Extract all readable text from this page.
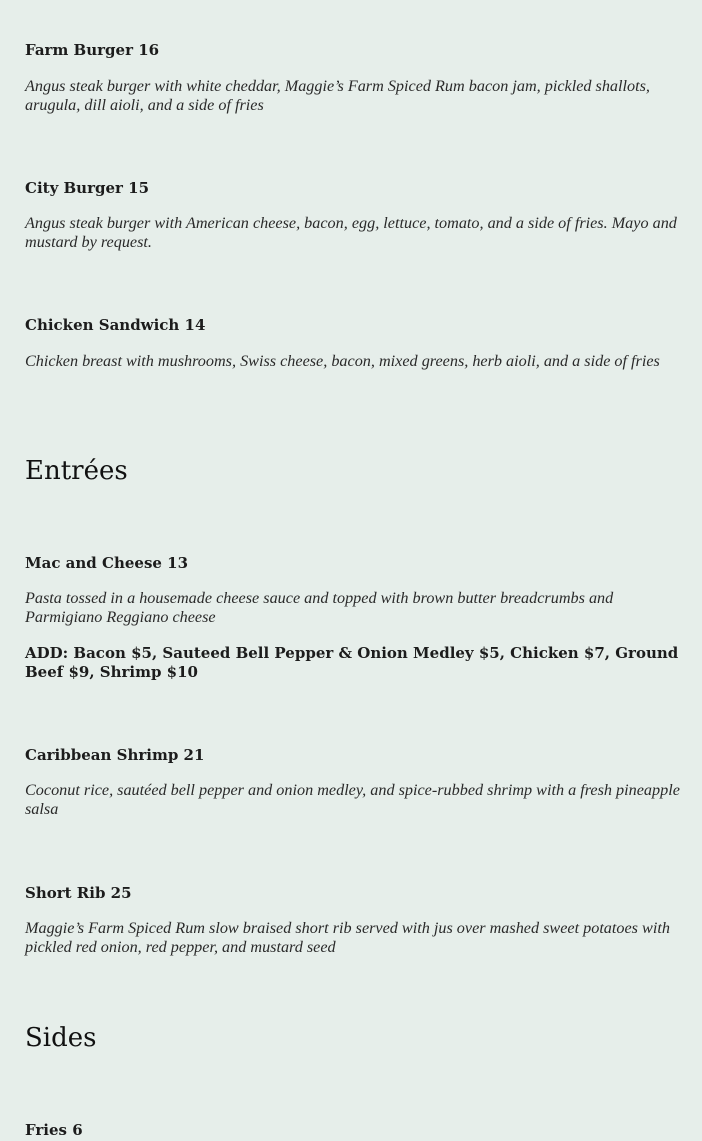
Farm Burger 16

Angus steak burger with white cheddar, Maggie’s Farm Spiced Rum bacon jam, pickled shallots, arugula, dill aioli, and a side of fries

City Burger 15

Angus steak burger with American cheese, bacon, egg, lettuce, tomato, and a side of fries. Mayo and mustard by request.

Chicken Sandwich 14

Chicken breast with mushrooms, Swiss cheese, bacon, mixed greens, herb aioli, and a side of fries

Entrées

Mac and Cheese 13

Pasta tossed in a housemade cheese sauce and topped with brown butter breadcrumbs and Parmigiano Reggiano cheese

ADD: Bacon $5, Sauteed Bell Pepper & Onion Medley $5, Chicken $7, Ground Beef $9, Shrimp $10

Caribbean Shrimp 21

Coconut rice, sautéed bell pepper and onion medley, and spice-rubbed shrimp with a fresh pineapple salsa

Short Rib 25

Maggie’s Farm Spiced Rum slow braised short rib served with jus over mashed sweet potatoes with pickled red onion, red pepper, and mustard seed

Sides

Fries 6
